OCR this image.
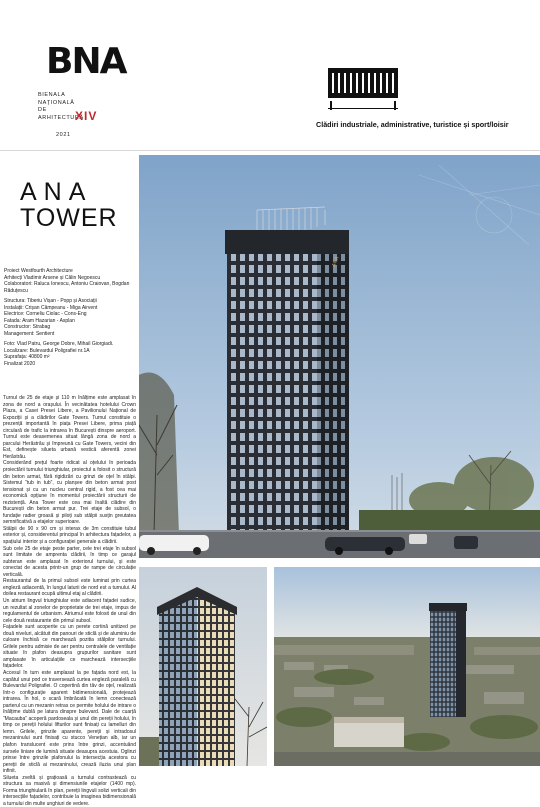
BNA
BIENALA
NAȚIONALĂ
DE
ARHITECTURĂ
XIV
2021
Clădiri industriale, administrative, turistice și sport/loisir
ANA
TOWER
Proiect Westfourth Architecture
Arhitecți Vladimir Arsene și Călin Negoescu
Colaboratori: Raluca Ionescu, Antoniu Craiovan, Bogdan
Răduțescu
Structura: Tiberiu Vișan - Popp și Asociații
Instalații: Crișan Câmpeanu - Miga Airvent
Electrice: Corneliu Ciolac - Cons-Eng
Fatada: Aram Hazarian - Asplan
Constructor: Strabag
Management: Sentient
Foto: Vlad Patru, George Dobre, Mihail Giorgiadi.
Localizare: Bulevardul Poligrafiei nr.1A
Suprafața: 40800 m²
Finalizat 2020

Turnul de 25 de etaje și 110 m înălțime este amplasat în zona de nord a orașului. În vecinătatea hotelului Crown Plaza, a Casei Presei Libere, a Pavilionului Național de Expoziții și a clădirilor Gate Towers. Turnul constituie o prezență importantă în piața Presei Libere, prima piață circulară de trafic la intrarea în București dinspre aeroport. Turnul este deasemenea situat lângă zona de nord a parcului Herăstrău și împreună cu Gate Towers, vecini din Est, definește silueta urbană vestică aferentă zonei Herăstrău.

Considerând prețul foarte ridicat al oțelului în perioada proiectării turnului triunghiular, proiectul a folosit o structură din beton armat, fără rigidizări cu grinzi de oțel în stâlpi. Sistemul “tub in tub”, cu planșee din beton armat post tensionat și cu un nucleu central rigid, a fost cea mai economică opțiune în momentul proiectării structurii de rezistență. Ana Tower este cea mai înaltă clădire din București din beton armat pur. Trei etaje de subsol, o fundație radier groasă și piloți sub stâlpii susțin greutatea semnificativă a etajelor superioare.

Stâlpii de 90 x 90 cm și interax de 3m constituie tubul exterior și, considerentul principal în arhitectura fațadelor, a spațiului interior și a configurației generale a clădirii.

Sub cele 25 de etaje peste parter, cele trei etaje în subsol sunt limitate de amprenta clădirii, în timp ce garajul subteran este amplasat în exteriorul turnului, și este conectat de acesta printr-un grup de rampe de circulație verticală.

Restaurantul de la primul subsol este luminat prin curtea engleză adiacentă, în lungul laturii de nord est a turnului. Al doilea restaurant ocupă ultimul etaj al clădirii.

Un atrium lingvul triunghiular este adiacent fațadei sudice, un rezultat al zonelor de proprietate de trei etaje, impus de regulamentul de urbanism. Atriumul este folosit de unul din cele două restaurante din primul subsol.

Fațadele sunt acoperite cu un perete cortină unitized pe două niveluri, alcătuit din panouri de sticlă și de aluminiu de culoare închisă ce marchează pozitia stâlpilor turnului. Grilele pentru admisie de aer pentru centralele de ventilație situate în plafon deasupra grupurilor sanitare sunt amplasate în articulațiile ce marchează intersecțiile fațadelor.

Accesul în turn este amplasat la pe fațada nord est, la capătul unui pod ce traversează curtea engleză paralelă cu Bulevardul Poligrafiei. O copertină din tăv de oțel, realizată într-o configurație aparent bidimensională, protejează intrarea. În hol, o scară îmbrăcată în lemn conectează parterul cu un mezanin retras ce permite holului de intrare o înălțime dublă pe latura dinspre bulevard. Dale de cuarță “Macauba” acoperă pardoseala și unul din pereții holului, în timp ce pereții holului lifturilor sunt finisați cu lamelluri din lemn. Grilele, grinzile aparente, pereții și intradosul mezaninului sunt finisați cu stucco Venețian alb, iar un plafon translucent este prins între grinzi, accentuând sursele liniare de lumină situate deasupra acestuia. Oglinzi prinse între grinzile plafonului la intersecția acestora cu pereții de sticlă ai mezaninului, crează iluzia unui plan infinit.

Silueta zveltă și grațioasă a turnului contrastează cu structura sa masivă și dimensiunile etajelor (1400 mp). Forma triunghiulară în plan, pereții lingvuli solizi verticali din intersecțiile fațadelor, contribuie la imaginea bidimensională a turnului din multe unghiuri de vedere.

ANA
